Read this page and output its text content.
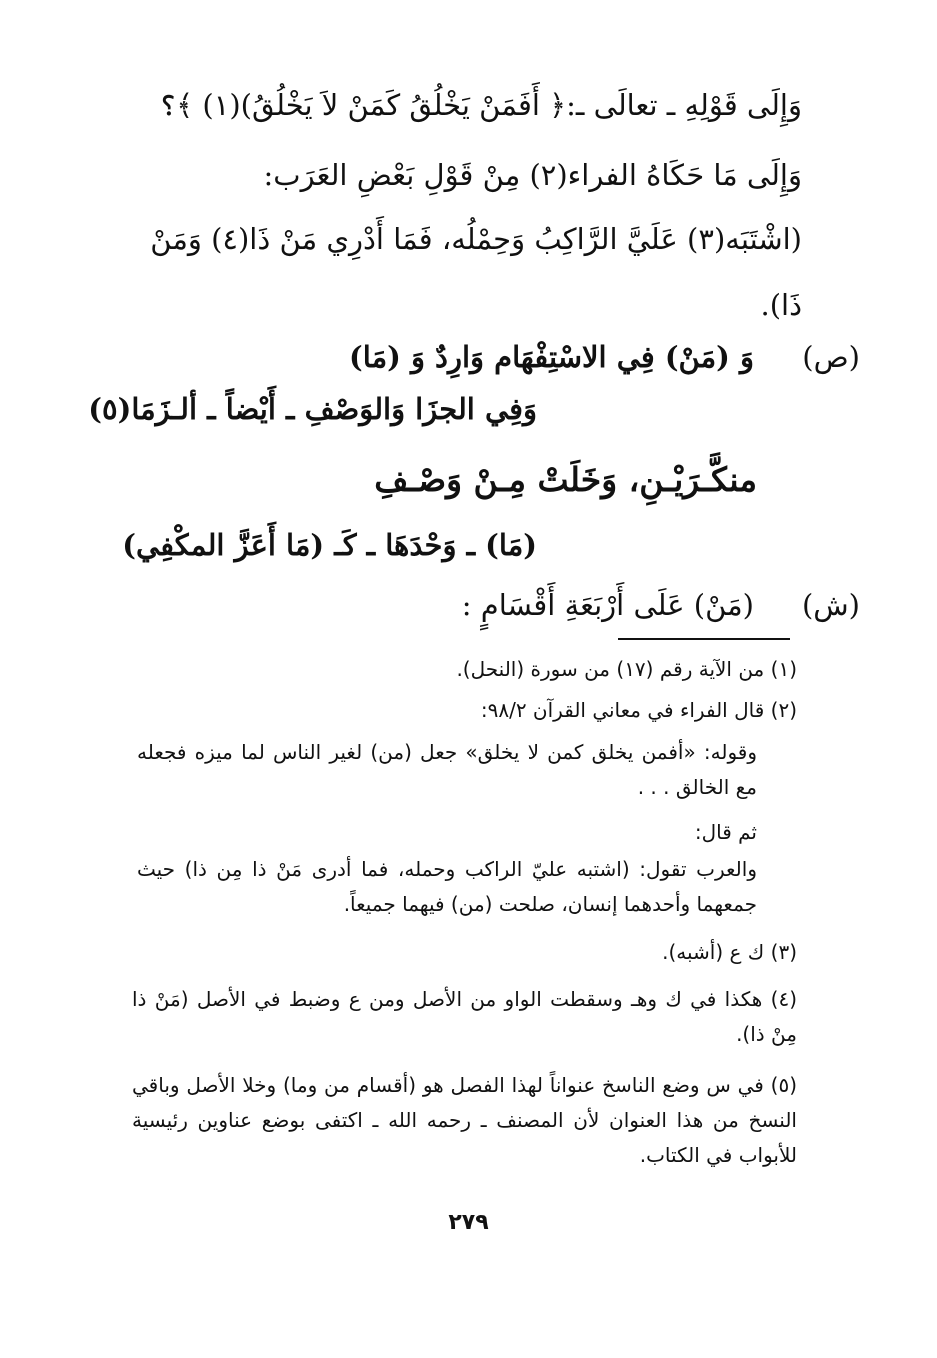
وَإِلَى قَوْلِهِ ـ تعالَى ـ:﴿ أَفَمَنْ يَخْلُقُ كَمَنْ لاَ يَخْلُقُ)(١) ﴾؟
وَإِلَى مَا حَكَاهُ الفراء(٢) مِنْ قَوْلِ بَعْضِ العَرَب:
(اشْتَبَه(٣) عَلَيَّ الرَّاكِبُ وَحِمْلُه، فَمَا أَدْرِي مَنْ ذَا(٤) وَمَنْ
ذَا).
(ص)
وَ (مَنْ) فِي الاسْتِفْهَام وَارِدٌ وَ (مَا)
وَفِي الجزَا وَالوَصْفِ ـ أَيْضاً ـ ألـزَمَا(٥)
منكَّـرَيْـنِ، وَخَلَتْ مِـنْ وَصْـفِ
(مَا) ـ وَحْدَهَا ـ كَـ (مَا أَعَزَّ المكْفِي)
(ش)
(مَنْ) عَلَى أَرْبَعَةِ أَقْسَامٍ :
(١) من الآية رقم (١٧) من سورة (النحل).
(٢) قال الفراء في معاني القرآن ٩٨/٢:
وقوله: «أفمن يخلق كمن لا يخلق» جعل (من) لغير الناس لما ميزه فجعله مع الخالق . . .
ثم قال:
والعرب تقول: (اشتبه عليّ الراكب وحمله، فما أدرى مَنْ ذا مِن ذا) حيث جمعهما وأحدهما إنسان، صلحت (من) فيهما جميعاً.
(٣) ك ع (أشبه).
(٤) هكذا في ك وهـ وسقطت الواو من الأصل ومن ع وضبط في الأصل (مَنْ ذا مِنْ ذا).
(٥) في س وضع الناسخ عنواناً لهذا الفصل هو (أقسام من وما) وخلا الأصل وباقي النسخ من هذا العنوان لأن المصنف ـ رحمه الله ـ اكتفى بوضع عناوين رئيسية للأبواب في الكتاب.
٢٧٩
